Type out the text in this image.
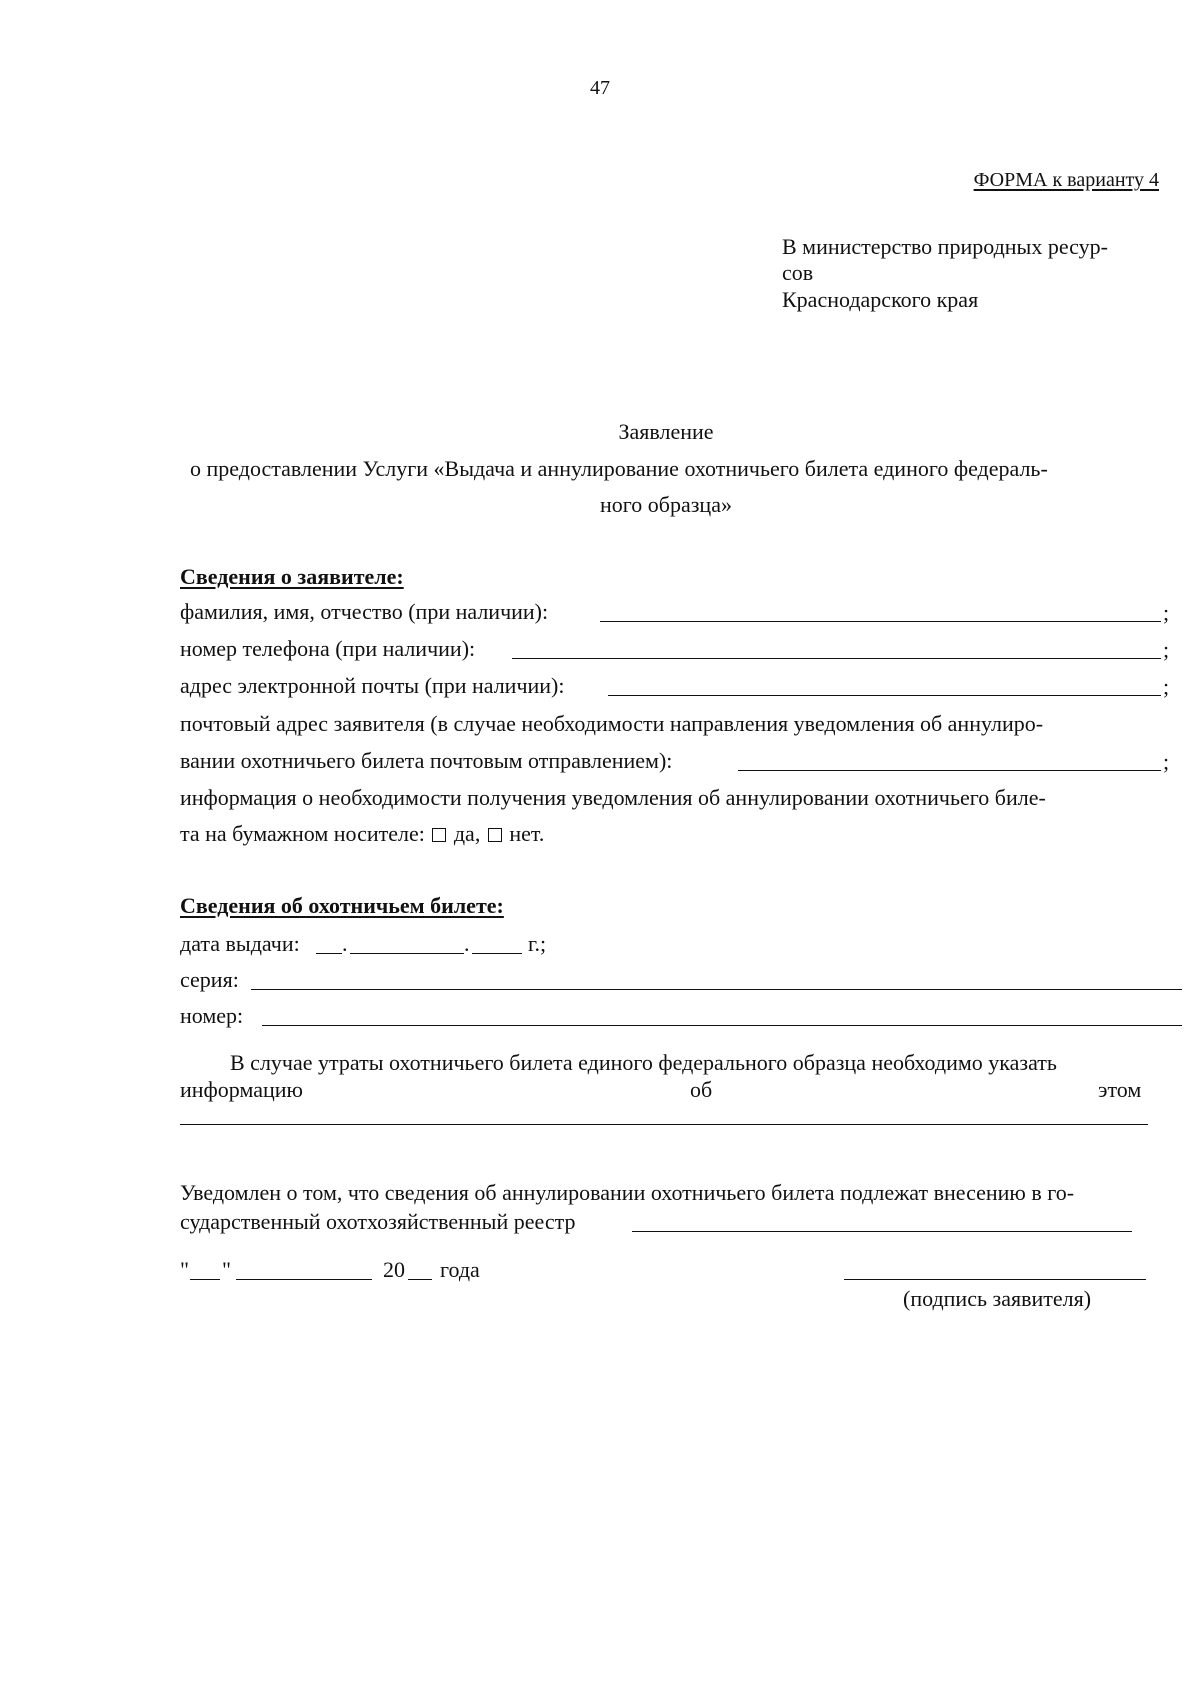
47
ФОРМА к варианту 4
В министерство природных ресур-
сов
Краснодарского края
Заявление
о предоставлении Услуги «Выдача и аннулирование охотничьего билета единого федераль-
ного образца»
Сведения о заявителе:
фамилия, имя, отчество (при наличии):	;
номер телефона (при наличии):	;
адрес электронной почты (при наличии):	;
почтовый адрес заявителя (в случае необходимости направления уведомления об аннулиро-
вании охотничьего билета почтовым отправлением):	;
информация о необходимости получения уведомления об аннулировании охотничьего биле-
та на бумажном носителе: да, нет.
Сведения об охотничьем билете:
дата выдачи: .	.	г.;
серия:
номер:
В случае утраты охотничьего билета единого федерального образца необходимо указать
информацию	об	этом
Уведомлен о том, что сведения об аннулировании охотничьего билета подлежат внесению в го-
сударственный охотхозяйственный реестр
" "	20 года
(подпись заявителя)
